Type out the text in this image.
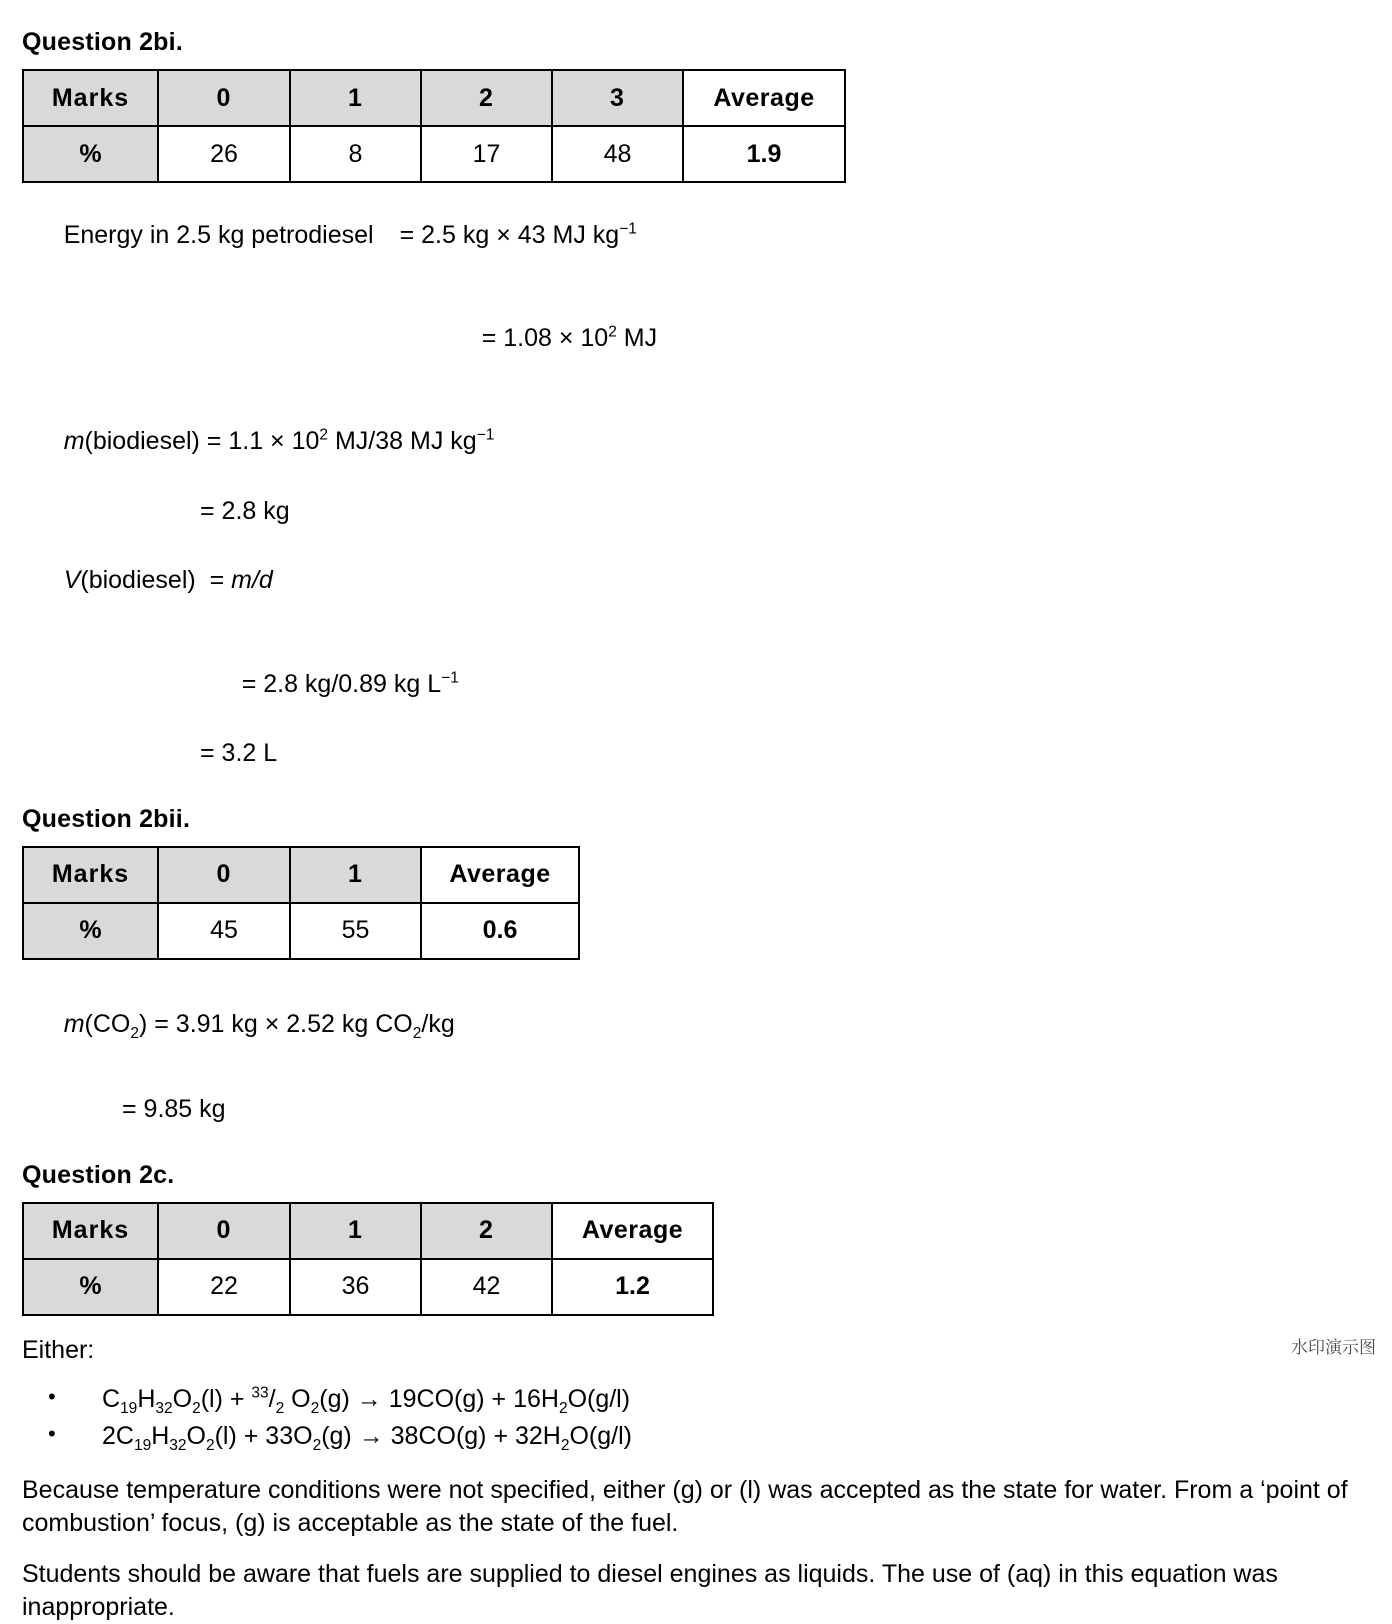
Question 2bi.
Marks	0	1	2	3	Average
%	26	8	17	48	1.9

Energy in 2.5 kg petrodiesel = 2.5 kg × 43 MJ $kg^{-1}$

= $1.08 \times 10^2$ MJ

m(biodiesel) = $1.1 \times 10^2$ MJ/38 MJ $kg^{-1}$

= 2.8 kg

V(biodiesel)  = m/d

= 2.8 kg/0.89 kg $L^{-1}$

= 3.2 L
Question 2bii.
Marks	0	1	Average
%	45	55	0.6

$m(CO_2) = 3.91$ kg × 2.52 kg $CO_2/kg$

= 9.85 kg
Question 2c.
Marks	0	1	2	Average
%	22	36	42	1.2
Either:
• $C_{19}H_{32}O_2(l) + ^{33}/_2$ $O_2(g) \to 19CO(g) + 16H_2O(g/l)$
• $2C_{19}H_{32}O_2(l) + 33O_2(g) \to 38CO(g) + 32H_2O(g/l)$
Because temperature conditions were not specified, either (g) or (l) was accepted as the state for water. From a ‘point of combustion’ focus, (g) is acceptable as the state of the fuel.
Students should be aware that fuels are supplied to diesel engines as liquids. The use of (aq) in this equation was inappropriate.
水印演示图
